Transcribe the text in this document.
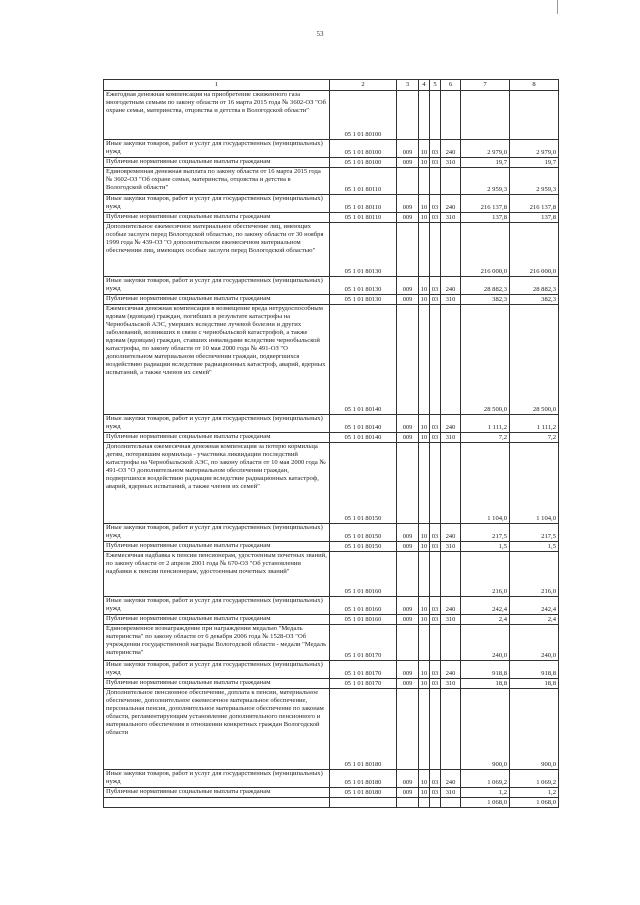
53
1	2	3	4	5	6	7	8
Ежегодная денежная компенсация на приобретение сжиженного газа многодетным семьям по закону области от 16 марта 2015 года № 3602-ОЗ "Об охране семьи, материнства, отцовства и детства в Вологодской области"	05 1 01 80100						
Иные закупки товаров, работ и услуг для государственных (муниципальных) нужд	05 1 01 80100	009	10	03	240	2 979,0	2 979,0
Публичные нормативные социальные выплаты гражданам	05 1 01 80100	009	10	03	310	19,7	19,7
Единовременная денежная выплата по закону области от 16 марта 2015 года № 3602-ОЗ "Об охране семьи, материнства, отцовства и детства в Вологодской области"	05 1 01 80110					2 959,3	2 959,3
Иные закупки товаров, работ и услуг для государственных (муниципальных) нужд	05 1 01 80110	009	10	03	240	216 137,8	216 137,8
Публичные нормативные социальные выплаты гражданам	05 1 01 80110	009	10	03	310	137,8	137,8
Дополнительное ежемесячное материальное обеспечение лиц, имеющих особые заслуги перед Вологодской областью, по закону области от 30 ноября 1999 года № 439-ОЗ "О дополнительном ежемесячном материальном обеспечении лиц, имеющих особые заслуги перед Вологодской областью"	05 1 01 80130					216 000,0	216 000,0
Иные закупки товаров, работ и услуг для государственных (муниципальных) нужд	05 1 01 80130	009	10	03	240	28 882,3	28 882,3
Публичные нормативные социальные выплаты гражданам	05 1 01 80130	009	10	03	310	382,3	382,3
Ежемесячная денежная компенсация в возмещение вреда нетрудоспособным вдовам (вдовцам) граждан, погибших в результате катастрофы на Чернобыльской АЭС, умерших вследствие лучевой болезни и других заболеваний, возникших в связи с чернобыльской катастрофой, а также вдовам (вдовцам) граждан, ставших инвалидами вследствие чернобыльской катастрофы, по закону области от 10 мая 2000 года № 491-ОЗ "О дополнительном материальном обеспечении граждан, подвергшихся воздействию радиации вследствие радиационных катастроф, аварий, ядерных испытаний, а также членов их семей"	05 1 01 80140					28 500,0	28 500,0
Иные закупки товаров, работ и услуг для государственных (муниципальных) нужд	05 1 01 80140	009	10	03	240	1 111,2	1 111,2
Публичные нормативные социальные выплаты гражданам	05 1 01 80140	009	10	03	310	7,2	7,2
Дополнительная ежемесячная денежная компенсация за потерю кормильца детям, потерявшим кормильца - участника ликвидации последствий катастрофы на Чернобыльской АЭС, по закону области от 10 мая 2000 года № 491-ОЗ "О дополнительном материальном обеспечении граждан, подвергшихся воздействию радиации вследствие радиационных катастроф, аварий, ядерных испытаний, а также членов их семей"	05 1 01 80150					1 104,0	1 104,0
Иные закупки товаров, работ и услуг для государственных (муниципальных) нужд	05 1 01 80150	009	10	03	240	217,5	217,5
Публичные нормативные социальные выплаты гражданам	05 1 01 80150	009	10	03	310	1,5	1,5
Ежемесячная надбавка к пенсии пенсионерам, удостоенным почетных званий, по закону области от 2 апреля 2001 года № 670-ОЗ "Об установлении надбавки к пенсии пенсионерам, удостоенным почетных званий"	05 1 01 80160					216,0	216,0
Иные закупки товаров, работ и услуг для государственных (муниципальных) нужд	05 1 01 80160	009	10	03	240	242,4	242,4
Публичные нормативные социальные выплаты гражданам	05 1 01 80160	009	10	03	310	2,4	2,4
Единовременное вознаграждение при награждении медалью "Медаль материнства" по закону области от 6 декабря 2006 года № 1528-ОЗ "Об учреждении государственной награды Вологодской области - медали "Медаль материнства"	05 1 01 80170					240,0	240,0
Иные закупки товаров, работ и услуг для государственных (муниципальных) нужд	05 1 01 80170	009	10	03	240	918,8	918,8
Публичные нормативные социальные выплаты гражданам	05 1 01 80170	009	10	03	310	18,8	18,8
Дополнительное пенсионное обеспечение, доплата к пенсии, материальное обеспечение, дополнительное ежемесячное материальное обеспечение, персональная пенсия, дополнительное материальное обеспечение по законам области, регламентирующим установление дополнительного пенсионного и материального обеспечения в отношении конкретных граждан Вологодской области	05 1 01 80180					900,0	900,0
Иные закупки товаров, работ и услуг для государственных (муниципальных) нужд	05 1 01 80180	009	10	03	240	1 069,2	1 069,2
Публичные нормативные социальные выплаты гражданам	05 1 01 80180	009	10	03	310	1,2	1,2
						1 068,0	1 068,0
